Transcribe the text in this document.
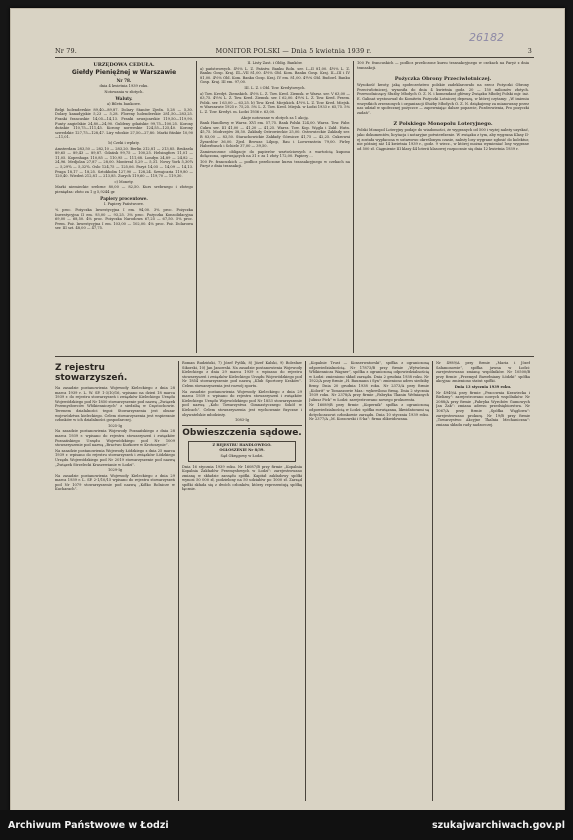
26182
Nr 79.	MONITOR POLSKI — Dnia 5 kwietnia 1939 r.	3
URZĘDOWA CEDUŁA.
Giełdy Pieniężnej w Warszawie
Nr 78.
dnia 4 kwietnia 1939 roku.
Notowania w złotych.
Waluty.
a) Biletu bankowe.

Belgi holenderskie 89,40—89,87. Dolary Stanów Zjedn. 5,28 — 5,30. Dolary kanadyjskie 5,23 — 5,28. Floreny holenderskie 281,50—283,25. Franki francuskie 14,05—14,13. Franki szwajcarskie 119,50—119,90. Funty angielskie 24,80—24,90. Guldeny gdańskie 99,75—100,25. Korony duńskie 110,75—111,45. Korony norweskie 124,55—125,40. Korony szwedzkie 127,75—128,47. Liry włoskie 27,50—27,80. Marki fińskie 10,90—11,01.

b) Czeki i wpłaty.

Amsterdam 283,50 — 282,10 — 283,20. Berlin 212,81 — 213,85. Bruksela 89,65 — 89,43 — 89,87. Gdańsk 99,75 — 100,25. Helsingfors 11,01 — 11,05. Kopenhaga 110,85 — 110,95 — 111,68. Londyn 24,89 — 24,82 — 24,96. Medjolan 27,87 — 28,00. Montreal 5,29 — 5,31. Nowy York 5,30¾ — 5,29¾ — 5,32¾. Oslo 124,75 — 125,06. Paryż 14,05 — 14,09 — 14,13. Praga 18,17 — 18,25. Sztokholm 127,90 — 128,24. Szwajcaria 119,80 — 120,40. Wiedeń 212,81 — 213,85. Zurych 119,60 — 119,70 — 119,30.

c) Monety.

Marki niemieckie srebrne 80,00 — 82,50. Kurs srebrnego i złotego pieniądza: złoto za 1 g 5,9244 gr.

Papiery procentowe.
I. Papiery Państwowe.

% proc. Pożyczka Inwestycyjna I em. 94,00. 3% proc. Pożyczka Inwestycyjna II em. 93,00 — 93,25. 3% proc. Pożyczka Konsolidacyjna 69,00 — 68,50. 4% proc. Pożyczka Narodowa 67,25 — 67,50. 5% proc. Prem. Poż. Inwestycyjna I em. 103,00 — 102,00. 4% proc. Poż. Dolarowa ser. III szt. 48,00 — 47,75.

II. Listy Zast. i Oblig. Banków.

a) państwowych. 4½% L. Z. Państw. Banku Roln. ser. I—II 81,00. 4½% L. Z. Banku Gosp. Kraj. Ill—VII 81,00. 4½% Obl. Kom. Banku Gosp. Kraj. II—III i IV 81,00. 4½% Obl. Kom. Banku Gosp. Kraj. IV em. 81,00. 4½% Obl. Budowl. Banku Gosp. Kraj. III em. 97,00.

III. L. Z. i Obl. Tow. Kredytowych.

a) Tow. Kredyt. Ziemskich. 4½% L. Z. Tow. Kred. Ziemsk. w Warsz. ser. V 63,00 — 63,75. 4½% L. Z. Tow. Kred. Ziemsk. ser. I 62,00. 4½% L. Z. Tow. Kred. Przem. Polsk. ser. I 63,00 — 63,25. b) Tow. Kred. Miejskich. 4½% L. Z. Tow. Kred. Miejsk. w Warszawie 1925 r. 75,25. 5% L. Z. Tow. Kred. Miejsk. w Łodzi 1933 r. 65,75. 5% L. Z. Tow. Kredyt. m. Łodzi 1936 r. 63,00.

Akcje notowane w złotych za 1 akcję.

Bank Handlowy w Warsz. XVI em. 57,75. Bank Polski 124,00. Warsz. Tow. Fabr. Cukru ser. III 41,00 — 41,20 — 41,25. Warsz. Tow. Kop. Węgla i Zakł. Hutn. 45,75. Modrzejów 38,50. Zakłady Ostrowieckie 25,00. Ostrowieckie Zakłady ser. B 83,00 — 83,50. Starachowickie Zakłady Górnicze 41,75 — 42,25. Cukrowni Żyrardów 36,00. Zjed. Browar. Lilpop, Rau i Loewenstein 79,00. Firley Haberbusch i Schiele 37,00 — 39,50.

Zamieszczone obligacje do papierów wartościowych z wartością kuponu dołączona, opiewających na 31 r. za 1 złoty 172,00. Papiery ...

100 Fr. francuskich — podlicz przeliczone kursu transakcyjnego w czekach na Paryż z dnia transakcji.

100 Fr. francuskich — podlicz przeliczone kursu transakcyjnego w czekach na Paryż z dnia transakcji.

Pożyczka Obrony Przeciwlotniczej.

Wysokość kwoty, jaką społeczeństwo polskie zadeklarowało na rzecz Pożyczki Obrony Przeciwlotniczej, wynosiła do dnia 4 kwietnia godz. 20 — 150 milionów złotych. Przewodniczący Służby Młodych O. Z. N. i komendant główny Związku Młodej Polski mjr. inż. E. Galinat wystosował do Komitetu Pożyczki Lotniczej depeszę, w której czytamy: „W imieniu wszystkich zrzeszonych i organizacji Służby Młodych O. Z. N. dziękujemy za mianowany przez nas udział w społecznej pożyczce — zapewniając dalsze poparcie, Pozdrowienia, Pro pozyczki zadań”.

Z Polskiego Monopolu Loteryjnego.

Polski Monopol Loteryjny podaje do wiadomości, że wygranych od 500 i wyżej należy uzyskać, jako dokumentów, licytacja i notaryjne potwierdzenie. W związku z tym, aby wygrana Klasy II-ej została wypłacona w ustawowo określonym czasie, należy losy wygrane zgłosić do kolektur, nie później niż 14 kwietnia 1939 r., godz. 9 wiecz., w której można wymieniać losy wygrane od 500 zł. Ciągnienie III klasy 44 loterii klasowej rozpocznie się dnia 12 kwietnia 1939 r.

Z rejestru stowarzyszeń.

Na zasadzie postanowienia Wojewody Kieleckiego z dnia 28 marca 1939 r. L. W. SP. 1-3/10/16, wpisano na dzień 18 marca 1939 r. do rejestru stowarzyszeń i związków Kieleckiego Urzędu Wojewódzkiego pod Nr 1850 stowarzyszenie pod nazwą „Związek Przemysłowców Włókienniczych” z siedzibą w Częstochowie. Terenem działalności tegoż Stowarzyszenia jest obszar województwa kieleckiego. Celem stowarzyszenia jest wspieranie członków w ich działalności gospodarczej.

1025-Ig

Na zasadzie postanowienia Wojewody Poznańskiego z dnia 28 marca 1939 r. wpisano do rejestru stowarzyszeń i związków Poznańskiego Urzędu Wojewódzkiego pod Nr 1009 stowarzyszenie pod nazwą „Bractwo Kurkowe w Krotoszynie”.

Na zasadzie postanowienia Wojewody Łódzkiego z dnia 25 marca 1939 r. wpisano do rejestru stowarzyszeń i związków Łódzkiego Urzędu Wojewódzkiego pod Nr 2019 stowarzyszenie pod nazwą „Związek Strzelecki Kraszewianie w Łodzi”.

1029-Ig

Na zasadzie postanowienia Wojewody Kieleckiego z dnia 29 marca 1939 r. L. SP. 2-1/10/15 wpisano do rejestru stowarzyszeń pod Nr 1079 stowarzyszenie pod nazwą „Kółko Rolnicze w Kucharach”.

Roman Rudziński, 7) Józef Pytlik, 8) Józef Kalski, 9) Bolesław Sikorski, 10) Jan Janowski. Na zasadzie postanowienia Wojewody Kieleckiego z dnia 29 marca 1939 r. wpisano do rejestru stowarzyszeń i związków Kieleckiego Urzędu Wojewódzkiego pod Nr 1854 stowarzyszenie pod nazwą „Klub Sportowy Kraków”. Celem stowarzyszenia jest rozwój sportu.

Na zasadzie postanowienia Wojewody Kieleckiego z dnia 29 marca 1939 r. wpisano do rejestru stowarzyszeń i związków Kieleckiego Urzędu Wojewódzkiego pod Nr 1853 stowarzyszenie pod nazwą „Koło Towarzystwa Gimnastycznego Sokół w Kielcach”. Celem stowarzyszenia jest wychowanie fizyczne i obywatelskie młodzieży.

1083-Ig
Obwieszczenia sądowe.
Z REJESTRU HANDLOWEGO.
OGŁOSZENIE Nr 8/39.
Sąd Okręgowy w Łodzi.

Dnia 16 stycznia 1939 roku. Nr 16087/B przy firmie „Kopalnia Kopalnia Zakładów Przemysłowych w Łodzi”: zarejestrowano zmianę w składzie zarządu spółki. Kapitał zakładowy spółki wynosi 50 000 zł, podzielony na 50 udziałów po 1000 zł. Zarząd spółki składa się z dwóch członków, którzy reprezentują spółkę łącznie.

„Kopalnie Trust — Konserwatorski”, spółka z ograniczoną odpowiedzialnością. Nr 17873/B przy firmie „Wytwórnia Włókiennicza Wagner”, spółka z ograniczoną odpowiedzialnością w Łodzi: zmieniono skład zarządu. Dnia 2 grudnia 1938 roku. Nr 1922/A przy firmie „H. Baumann i Syn”: zmieniono adres siedziby firmy. Dnia 20 grudnia 1938 roku. Nr 2373/A przy firmie „Kolorit” w Tomaszowie Maz.: wykreślono firmę. Dnia 2 stycznia 1939 roku. Nr 2378/A przy firmie „Fabryka Tkanin Wełnianych Juliusz Pick” w Łodzi: zarejestrowano nowego prokurenta.

Nr 16089/B przy firmie „Kopernik” spółka z ograniczoną odpowiedzialnością w Łodzi: spółka rozwiązana, likwidatorami są dotychczasowi członkowie zarządu. Dnia 10 stycznia 1939 roku. Nr 2377/A „M. Kossowski i S-ka”: firma zlikwidowana.

Nr 4989/A przy firmie „Maria i Józef Sałamonowie”, spółka jawna w Łodzi: zarejestrowano zmianę wspólników. Nr 10500/B przy firmie „Przemysł Bawełniany Łódzki” spółka akcyjna: zmieniono statut spółki.

Dnia 13 stycznia 1939 roku.

Nr 4949/A przy firmie „Pracownia Krawiecka i Bielizny”: zarejestrowano nowych wspólników. Nr 2088/A przy firmie „Fabryka Wyrobów Gumowych Jan Żak”: zmiana adresu przedsiębiorstwa. Nr 1067/A przy firmie „Spółka Węglowa”: zarejestrowano prokurę. Nr 19/B przy firmie „Towarzystwo Akcyjne Tkalnia Mechaniczna”: zmiana składu rady nadzorczej.

Archiwum Państwowe w Łodzi	szukajwarchiwach.gov.pl
